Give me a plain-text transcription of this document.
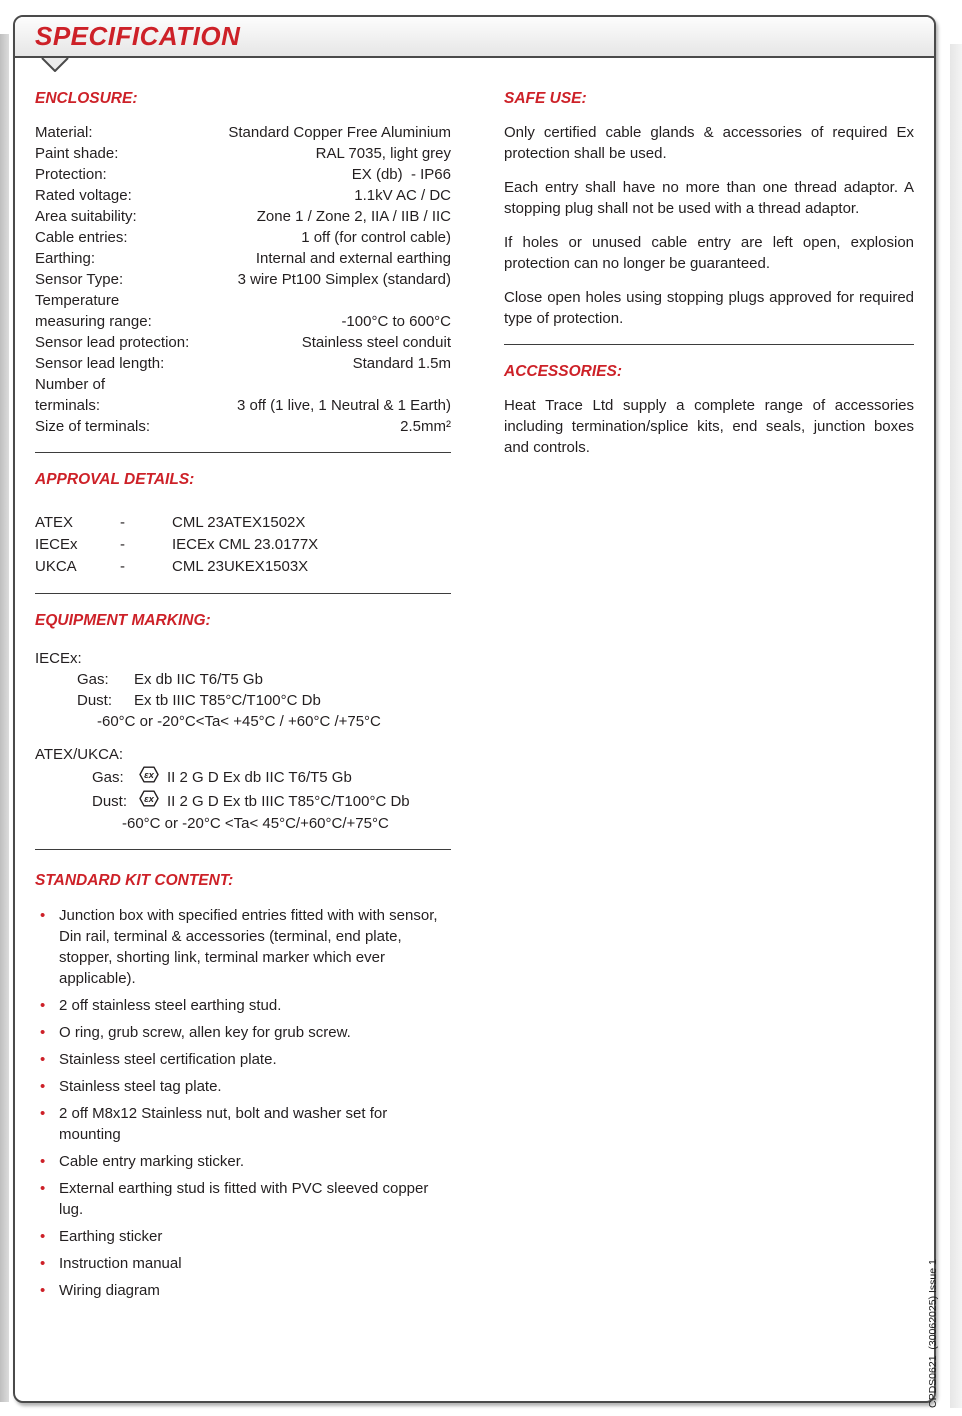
SPECIFICATION
ENCLOSURE:
Material:	Standard Copper Free Aluminium
Paint shade:	RAL 7035, light grey
Protection:	EX (db)  - IP66
Rated voltage:	1.1kV AC / DC
Area suitability:	Zone 1 / Zone 2, IIA / IIB / IIC
Cable entries:	1 off (for control cable)
Earthing:	Internal and external earthing
Sensor Type:	3 wire Pt100 Simplex (standard)
Temperature
measuring range:	-100°C to 600°C
Sensor lead protection:	Stainless steel conduit
Sensor lead length:	Standard 1.5m
Number of
terminals:	3 off (1 live, 1 Neutral & 1 Earth)
Size of terminals:	2.5mm²
APPROVAL DETAILS:
ATEX	-	CML 23ATEX1502X
IECEx	-	IECEx CML 23.0177X
UKCA	-	CML 23UKEX1503X
EQUIPMENT MARKING:
IECEx:
Gas:	Ex db IIC T6/T5 Gb
Dust:	Ex tb IIIC T85°C/T100°C Db
-60°C or -20°C<Ta< +45°C / +60°C /+75°C
ATEX/UKCA:
Gas:	εx II 2 G D Ex db IIC T6/T5 Gb
Dust:	εx II 2 G D Ex tb IIIC T85°C/T100°C Db
-60°C or -20°C <Ta< 45°C/+60°C/+75°C
STANDARD KIT CONTENT:
• Junction box with specified entries fitted with with sensor, Din rail, terminal & accessories (terminal, end plate, stopper, shorting link, terminal marker which ever applicable).
• 2 off stainless steel earthing stud.
• O ring, grub screw, allen key for grub screw.
• Stainless steel certification plate.
• Stainless steel tag plate.
• 2 off M8x12 Stainless nut, bolt and washer set for mounting
• Cable entry marking sticker.
• External earthing stud is fitted with PVC sleeved copper lug.
• Earthing sticker
• Instruction manual
• Wiring diagram
SAFE USE:

Only certified cable glands & accessories of required Ex protection shall be used.

Each entry shall have no more than one thread adaptor. A stopping plug shall not be used with a thread adaptor.

If holes or unused cable entry are left open, explosion protection can no longer be guaranteed.

Close open holes using stopping plugs approved for required type of protection.

ACCESSORIES:

Heat Trace Ltd supply a complete range of accessories including termination/splice kits, end seals, junction boxes and controls.

CPDS0621  (30062025) Issue 1
